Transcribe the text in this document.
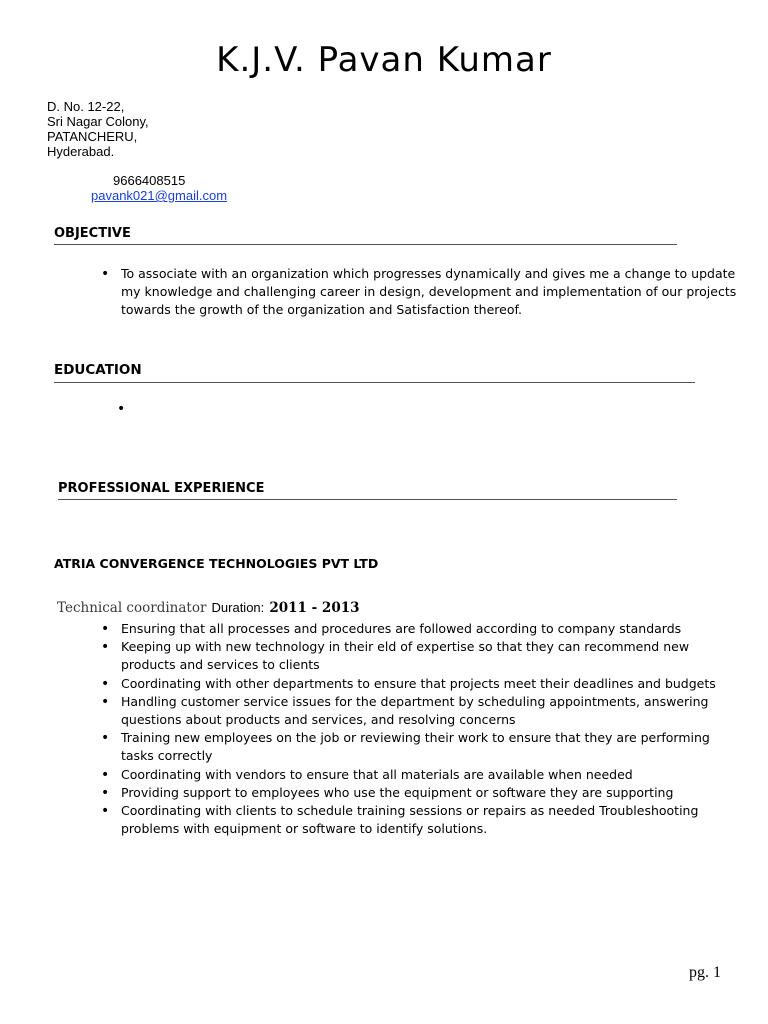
K.J.V. Pavan Kumar
D. No. 12-22,
Sri Nagar Colony,
PATANCHERU,
Hyderabad.
9666408515
pavank021@gmail.com
OBJECTIVE
• To associate with an organization which progresses dynamically and gives me a change to update my knowledge and challenging career in design, development and implementation of our projects towards the growth of the organization and Satisfaction thereof.
EDUCATION
PROFESSIONAL EXPERIENCE
ATRIA CONVERGENCE TECHNOLOGIES PVT LTD
Technical coordinator Duration: 2011 - 2013
• Ensuring that all processes and procedures are followed according to company standards
• Keeping up with new technology in their eld of expertise so that they can recommend new products and services to clients
• Coordinating with other departments to ensure that projects meet their deadlines and budgets
• Handling customer service issues for the department by scheduling appointments, answering questions about products and services, and resolving concerns
• Training new employees on the job or reviewing their work to ensure that they are performing tasks correctly
• Coordinating with vendors to ensure that all materials are available when needed
• Providing support to employees who use the equipment or software they are supporting
• Coordinating with clients to schedule training sessions or repairs as needed Troubleshooting problems with equipment or software to identify solutions.
pg. 1
